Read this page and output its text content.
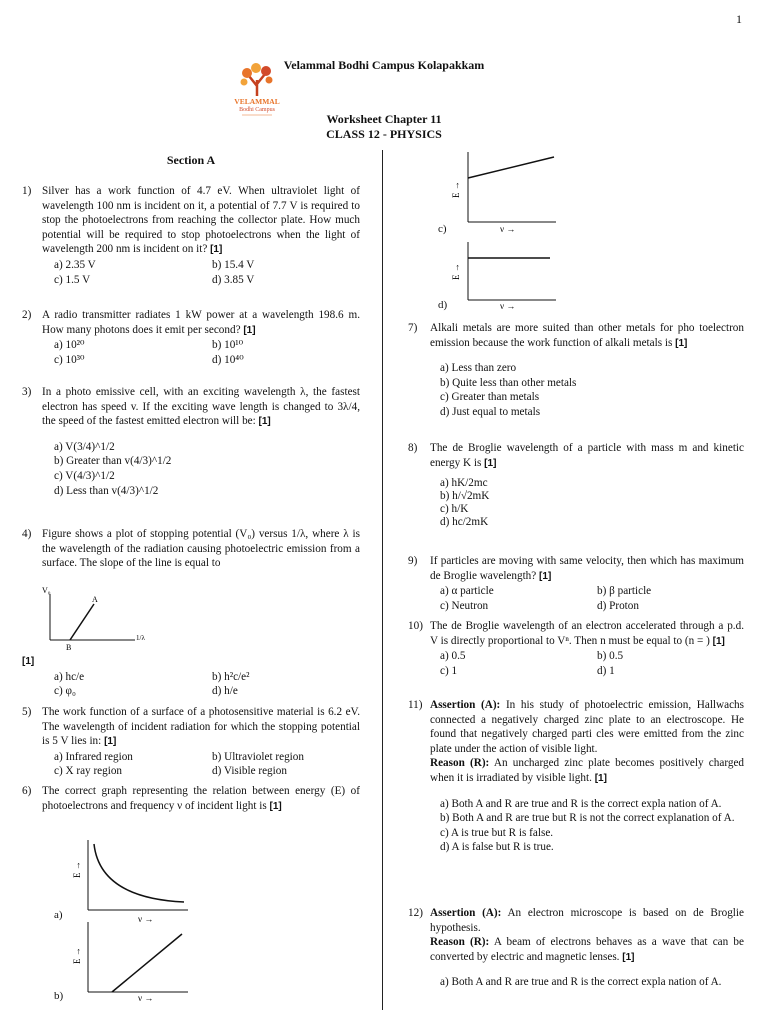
1
VELAMMAL
Bodhi Campus
Velammal Bodhi Campus Kolapakkam
Worksheet Chapter 11
CLASS 12 - PHYSICS
Section A
1) Silver has a work function of 4.7 eV. When ultraviolet light of wavelength 100 nm is incident on it, a potential of 7.7 V is required to stop the photoelectrons from reaching the collector plate. How much potential will be required to stop photoelectrons when the light of wavelength 200 nm is incident on it? [1]
a) 2.35 V	b) 15.4 V
c) 1.5 V	d) 3.85 V
2) A radio transmitter radiates 1 kW power at a wavelength 198.6 m. How many photons does it emit per second? [1]
a) 10²⁰	b) 10¹⁰
c) 10³⁰	d) 10⁴⁰
3) In a photo emissive cell, with an exciting wavelength λ, the fastest electron has speed v. If the exciting wave length is changed to 3λ/4, the speed of the fastest emitted electron will be: [1]
a) V(3/4)^1/2
b) Greater than v(4/3)^1/2
c) V(4/3)^1/2
d) Less than v(4/3)^1/2
4) Figure shows a plot of stopping potential (V₀) versus 1/λ, where λ is the wavelength of the radiation causing photoelectric emission from a surface. The slope of the line is equal to
V₀
A
B
1/λ
[1]
a) hc/e	b) h²c/e²
c) φ₀	d) h/e
5) The work function of a surface of a photosensitive material is 6.2 eV. The wavelength of incident radiation for which the stopping potential is 5 V lies in: [1]
a) Infrared region	b) Ultraviolet region
c) X ray region	d) Visible region
6) The correct graph representing the relation between energy (E) of photoelectrons and frequency ν of incident light is [1]
a)
E →
ν →
b)
E →
ν →
E →
ν →
c)
E →
ν →
d)
7) Alkali metals are more suited than other metals for pho toelectron emission because the work function of alkali metals is [1]
a) Less than zero
b) Quite less than other metals
c) Greater than metals
d) Just equal to metals
8) The de Broglie wavelength of a particle with mass m and kinetic energy K is [1]
a) hK/2mc
b) h/√2mK
c) h/K
d) hc/2mK
9) If particles are moving with same velocity, then which has maximum de Broglie wavelength? [1]
a) α particle	b) β particle
c) Neutron	d) Proton
10) The de Broglie wavelength of an electron accelerated through a p.d. V is directly proportional to Vⁿ. Then n must be equal to (n = ) [1]
a) 0.5	b) 0.5
c) 1	d) 1
11) Assertion (A): In his study of photoelectric emission, Hallwachs connected a negatively charged zinc plate to an electroscope. He found that negatively charged parti cles were emitted from the zinc plate under the action of visible light.
Reason (R): An uncharged zinc plate becomes positively charged when it is irradiated by visible light. [1]
a) Both A and R are true and R is the correct expla nation of A.
b) Both A and R are true but R is not the correct explanation of A.
c) A is true but R is false.
d) A is false but R is true.
12) Assertion (A): An electron microscope is based on de Broglie hypothesis.
Reason (R): A beam of electrons behaves as a wave that can be converted by electric and magnetic lenses. [1]
a) Both A and R are true and R is the correct expla nation of A.
